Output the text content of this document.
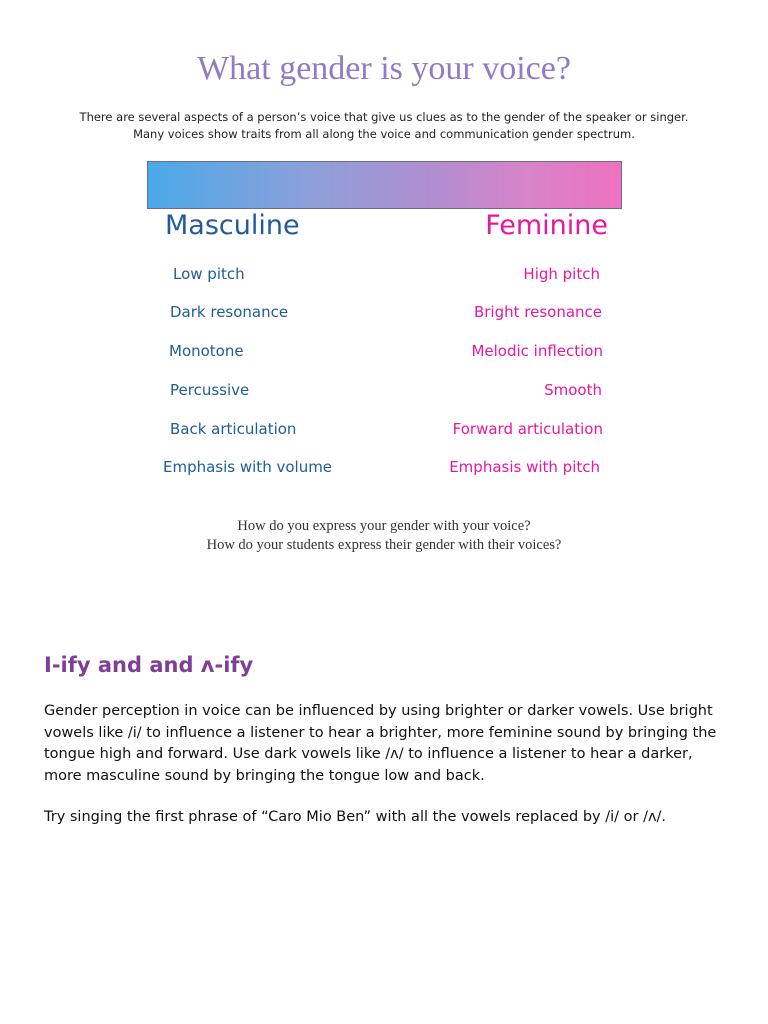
What gender is your voice?

There are several aspects of a person’s voice that give us clues as to the gender of the speaker or singer.

Many voices show traits from all along the voice and communication gender spectrum.

Masculine	Feminine
Low pitch
Dark resonance
Monotone
Percussive
Back articulation
Emphasis with volume
High pitch
Bright resonance
Melodic inflection
Smooth
Forward articulation
Emphasis with pitch

How do you express your gender with your voice?

How do your students express their gender with their voices?

I-ify and and ʌ-ify

Gender perception in voice can be influenced by using brighter or darker vowels. Use bright vowels like /i/ to influence a listener to hear a brighter, more feminine sound by bringing the tongue high and forward. Use dark vowels like /ʌ/ to influence a listener to hear a darker, more masculine sound by bringing the tongue low and back.

Try singing the first phrase of “Caro Mio Ben” with all the vowels replaced by /i/ or /ʌ/.
